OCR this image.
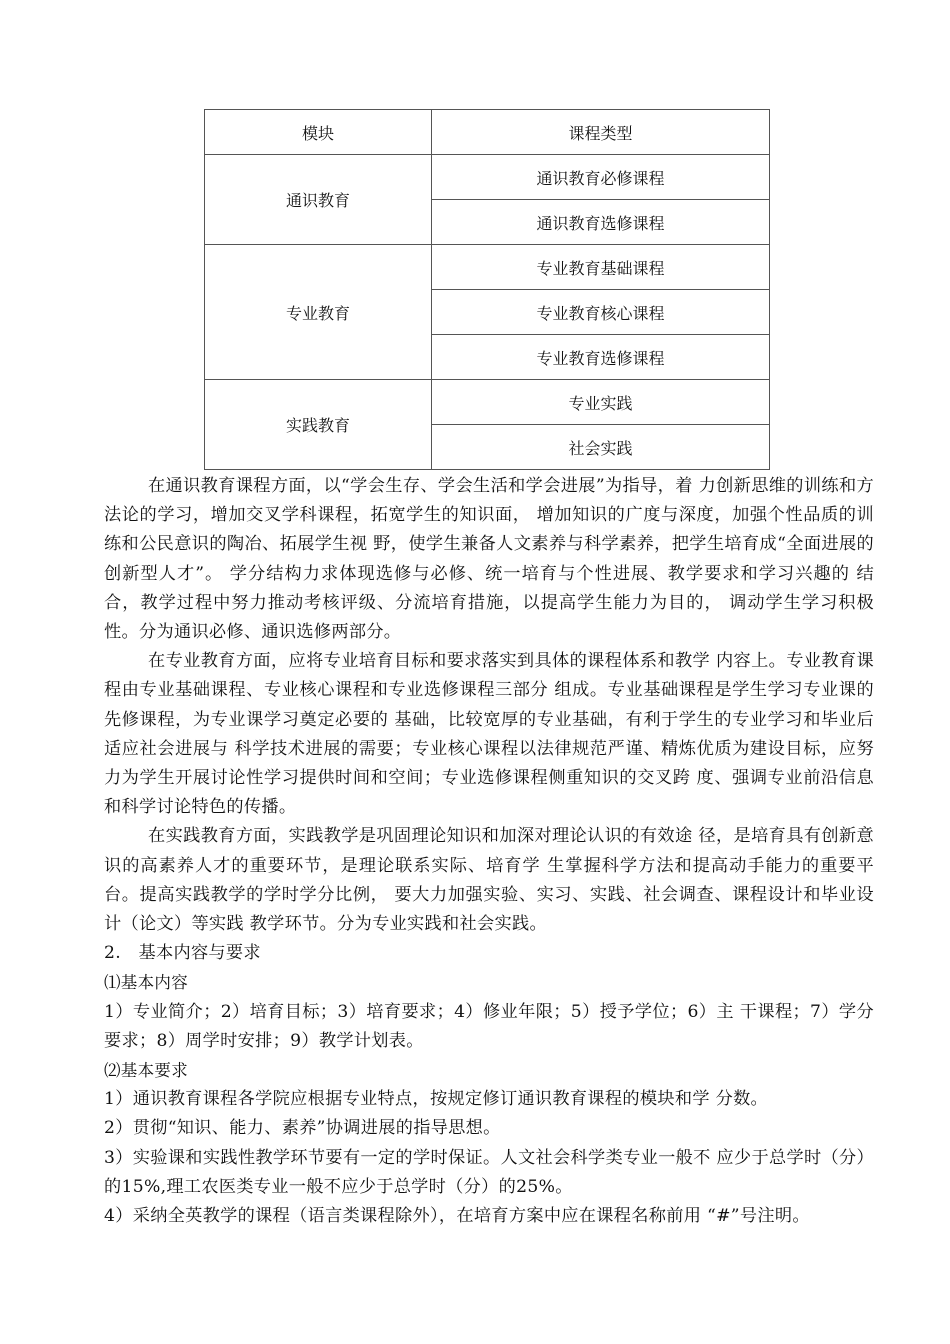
模块	课程类型
通识教育	通识教育必修课程
	通识教育选修课程
专业教育	专业教育基础课程
	专业教育核心课程
	专业教育选修课程
实践教育	专业实践
	社会实践

在通识教育课程方面，以“学会生存、学会生活和学会进展”为指导，着 力创新思维的训练和方法论的学习，增加交叉学科课程，拓宽学生的知识面， 增加知识的广度与深度，加强个性品质的训练和公民意识的陶冶、拓展学生视 野，使学生兼备人文素养与科学素养，把学生培育成“全面进展的创新型人才”。 学分结构力求体现选修与必修、统一培育与个性进展、教学要求和学习兴趣的 结合，教学过程中努力推动考核评级、分流培育措施，以提高学生能力为目的， 调动学生学习积极性。分为通识必修、通识选修两部分。

在专业教育方面，应将专业培育目标和要求落实到具体的课程体系和教学 内容上。专业教育课程由专业基础课程、专业核心课程和专业选修课程三部分 组成。专业基础课程是学生学习专业课的先修课程，为专业课学习奠定必要的 基础，比较宽厚的专业基础，有利于学生的专业学习和毕业后适应社会进展与 科学技术进展的需要；专业核心课程以法律规范严谨、精炼优质为建设目标，应努 力为学生开展讨论性学习提供时间和空间；专业选修课程侧重知识的交叉跨 度、强调专业前沿信息和科学讨论特色的传播。

在实践教育方面，实践教学是巩固理论知识和加深对理论认识的有效途 径，是培育具有创新意识的高素养人才的重要环节，是理论联系实际、培育学 生掌握科学方法和提高动手能力的重要平台。提高实践教学的学时学分比例， 要大力加强实验、实习、实践、社会调查、课程设计和毕业设计（论文）等实践 教学环节。分为专业实践和社会实践。

2.　基本内容与要求

⑴基本内容

1）专业简介；2）培育目标；3）培育要求；4）修业年限；5）授予学位；6）主 干课程；7）学分要求；8）周学时安排；9）教学计划表。

⑵基本要求

1）通识教育课程各学院应根据专业特点，按规定修订通识教育课程的模块和学 分数。

2）贯彻“知识、能力、素养”协调进展的指导思想。

3）实验课和实践性教学环节要有一定的学时保证。人文社会科学类专业一般不 应少于总学时（分）的15%,理工农医类专业一般不应少于总学时（分）的25%。

4）采纳全英教学的课程（语言类课程除外），在培育方案中应在课程名称前用 “#”号注明。
